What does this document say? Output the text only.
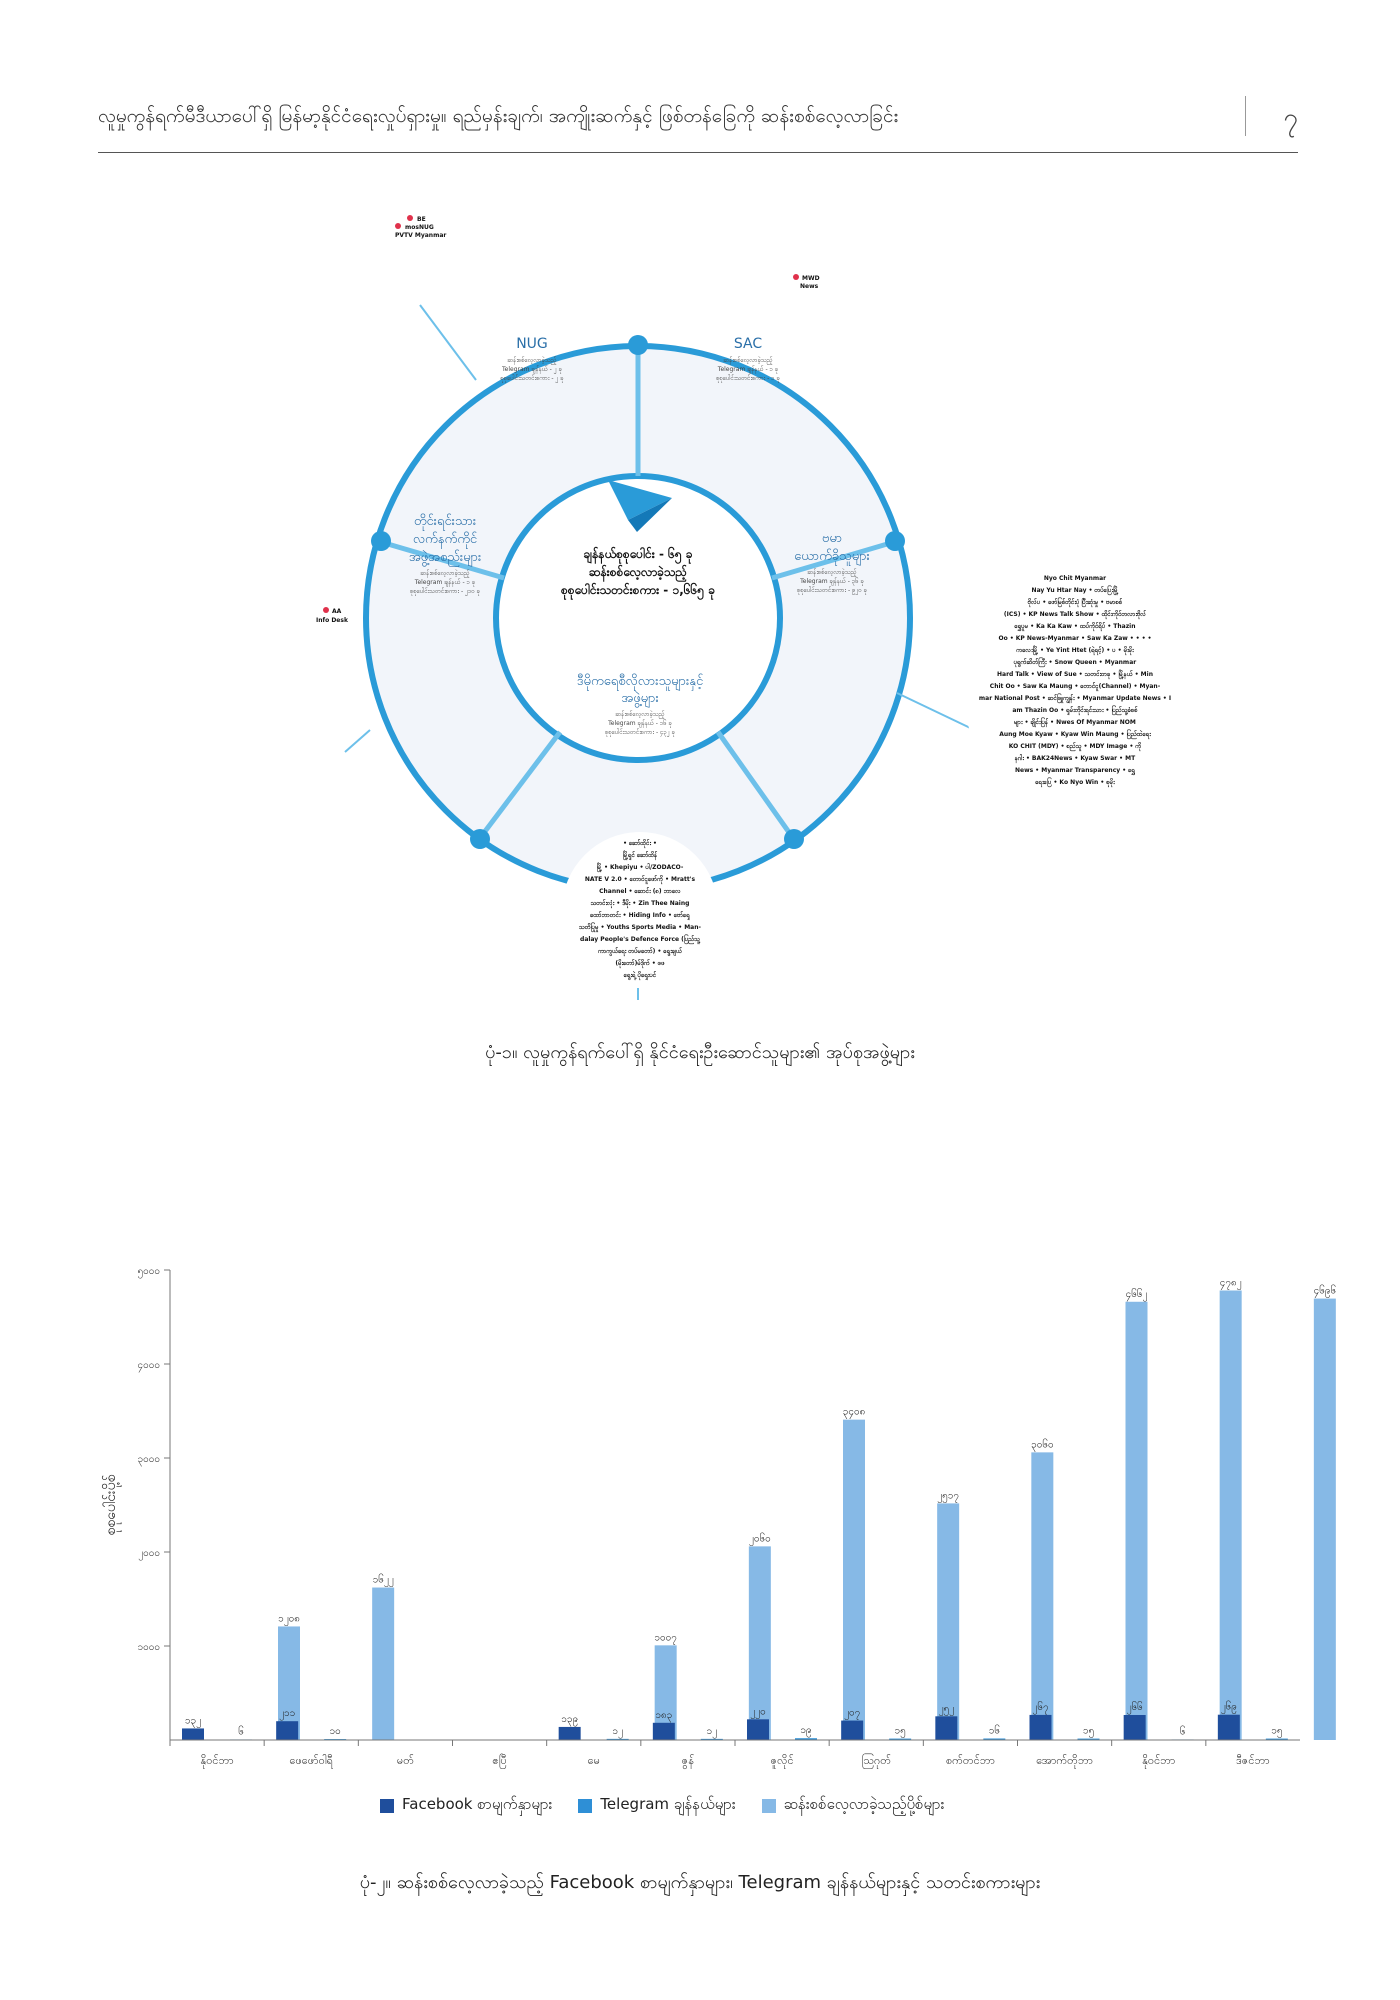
လူမှုကွန်ရက်မီဒီယာပေါ်ရှိ မြန်မာ့နိုင်ငံရေးလှုပ်ရှားမှု။ ရည်မှန်းချက်၊ အကျိုးဆက်နှင့် ဖြစ်တန်ခြေကို ဆန်းစစ်လေ့လာခြင်း	၇
ချန်နယ်စုစုပေါင်း - ၆၅ ခု
ဆန်းစစ်လေ့လာခဲ့သည့်
စုစုပေါင်းသတင်းစကား - ၁,၆၆၅ ခု
NUG
ဆန်းစစ်လေ့လာခဲ့သည့်
Telegram ချန်နယ် - ၂ ခု
စုစုပေါင်းသတင်းစကား - ၂ ခု
SAC
ဆန်းစစ်လေ့လာခဲ့သည့်
Telegram ချန်နယ် - ၁ ခု
စုစုပေါင်းသတင်းစကား - ၁ ခု
ဗမာ
ယောက်ခိုသူများ
ဆန်းစစ်လေ့လာခဲ့သည့်
Telegram ချန်နယ် - ၃၆ ခု
စုစုပေါင်းသတင်းစကား - ၉၂၀ ခု
ဒီမိုကရေစီလိုလားသူများနှင့်
အဖွဲ့များ
ဆန်းစစ်လေ့လာခဲ့သည့်
Telegram ချန်နယ် - ၁၆ ခု
စုစုပေါင်းသတင်းစကား - ၄၃၂ ခု
တိုင်းရင်းသား
လက်နက်ကိုင်
အဖွဲ့အစည်းများ
ဆန်းစစ်လေ့လာခဲ့သည့်
Telegram ချန်နယ် - ၁ ခု
စုစုပေါင်းသတင်းစကား - ၂၁၀ ခု
BE
mosNUG
PVTV Myanmar
MWD
News
AA
Info Desk
Nyo Chit Myanmar
Nay Yu Htar Nay • တပ်ပြေးမြို့
ဗိုလ်ပ • ဖော်မြစ်တိုင်းပုံ ပြီးဆုံးမှု • ဗမာစစ်
(ICS) • KP News Talk Show • ထိုင်းကိုင်တလားဗိုလ်
ရွှေပူမ • Ka Ka Kaw • ထပ်ကိုင်ရိပ် • Thazin
Oo • KP News-Myanmar • Saw Ka Zaw • • • •
ကလေးမြို့ • Ye Yint Htet (ရဲရင့်) • ပ • မိုးမိုး
ပုရွက်ဆိတ်ကြီး • Snow Queen • Myanmar
Hard Talk • View of Sue • သတင်းတခု • မြို့နယ် • Min
Chit Oo • Saw Ka Maung • တောင်ငူ(Channel) • Myan-
mar National Post • ဆင်ဖြူကျွန်း • Myanmar Update News • I
am Thazin Oo • ရှမ်းတိုင်းရင်းသား • ပြည်သူ့ခံစစ်
များ • ချိုင်းပြန် • Nwes Of Myanmar NOM
Aung Moe Kyaw • Kyaw Win Maung • ပြည်ထဲရေး
KO CHIT (MDY) • စည်သူ • MDY Image • ကို
နဂါး • BAK24News • Kyaw Swar • MT
News • Myanmar Transparency • ရွှေ
ရေးပြေ • Ko Nyo Win • စုမိုး
• ဆော်ထိုင်း •
မြို့ရှင် ဆော်ထိန်
မြို့ • Khepiyu • ပါ/ZODACO-
NATE V 2.0 • တောင်ငူဖော်ကို • Mratt's
Channel • ဆောင်း (၈) ဘာလေ
သတင်းလုံး • ဒီမိုး • Zin Thee Naing
ထော်ဘာတင်း • Hiding Info • ဗော်ရှေ
သတိပြုမှု • Youths Sports Media • Man-
dalay People's Defence Force (ပြည်သူ့
ကာကွယ်ရေး တပ်မတော်) • ရွေးချယ်
(မိုးတော်)မ်ဒိုက် • ဖဖ
ရွေးရဲ့ ပိုရှေးပင်
ပုံ-၁။ လူမှုကွန်ရက်ပေါ်ရှိ နိုင်ငံရေးဦးဆောင်သူများ၏ အုပ်စုအဖွဲ့များ
၁၀၀၀
၂၀၀၀
၃၀၀၀
၄၀၀၀
၅၀၀၀
၁၃၂
၆
၁၂၀၈
၂၁၁
၁၀
၁၆၂၂
၁၃၉
၁၂
၁၀၀၇
၁၈၃
၁၂
၂၀၆၀
၂၂၀
၁၉
၃၄၀၈
၂၀၇
၁၅
၂၅၁၇
၂၅၂
၁၆
၃၀၆၀
၂၆၇
၁၅
၄၆၆၂
၂၆၆
၆
၄၇၈၂
၂၆၉
၁၅
၄၆၉၆
နိုဝင်ဘာ	ဖေဖော်ဝါရီ	မတ်	ဧပြီ	မေ	ဇွန်	ဇူလိုင်	ဩဂုတ်	စက်တင်ဘာ	အောက်တိုဘာ	နိုဝင်ဘာ	ဒီဇင်ဘာ
စုစုပေါင်းပို့စ်
Facebook စာမျက်နှာများ	Telegram ချန်နယ်များ	ဆန်းစစ်လေ့လာခဲ့သည့်ပို့စ်များ
ပုံ-၂။ ဆန်းစစ်လေ့လာခဲ့သည့် Facebook စာမျက်နှာများ၊ Telegram ချန်နယ်များနှင့် သတင်းစကားများ
